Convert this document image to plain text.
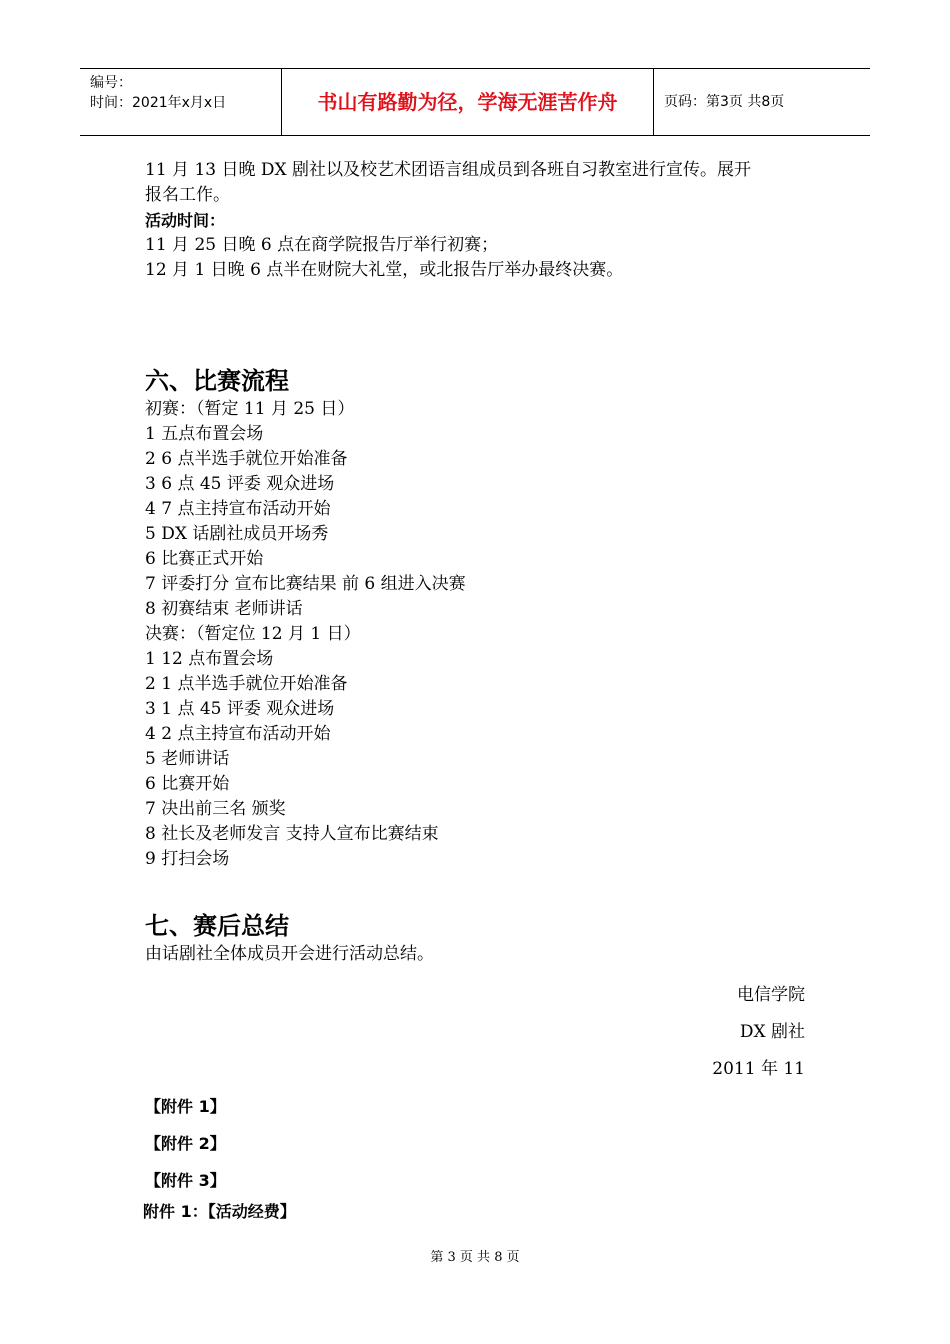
编号：
时间：2021年x月x日	书山有路勤为径，学海无涯苦作舟	页码：第3页 共8页

11 月 13 日晚 DX 剧社以及校艺术团语言组成员到各班自习教室进行宣传。展开

报名工作。

活动时间：

11 月 25 日晚 6 点在商学院报告厅举行初赛；

12 月 1 日晚 6 点半在财院大礼堂，或北报告厅举办最终决赛。

六、比赛流程

初赛：（暂定 11 月 25 日）

1 五点布置会场

2 6 点半选手就位开始准备

3 6 点 45 评委 观众进场

4 7 点主持宣布活动开始

5 DX 话剧社成员开场秀

6 比赛正式开始

7 评委打分 宣布比赛结果 前 6 组进入决赛

8 初赛结束 老师讲话

决赛：（暂定位 12 月 1 日）

1 12 点布置会场

2 1 点半选手就位开始准备

3 1 点 45 评委 观众进场

4 2 点主持宣布活动开始

5 老师讲话

6 比赛开始

7 决出前三名 颁奖

8 社长及老师发言 支持人宣布比赛结束

9 打扫会场

七、赛后总结

由话剧社全体成员开会进行活动总结。

电信学院

DX 剧社

2011 年 11

【附件 1】

【附件 2】

【附件 3】

附件 1：【活动经费】

第 3 页 共 8 页
